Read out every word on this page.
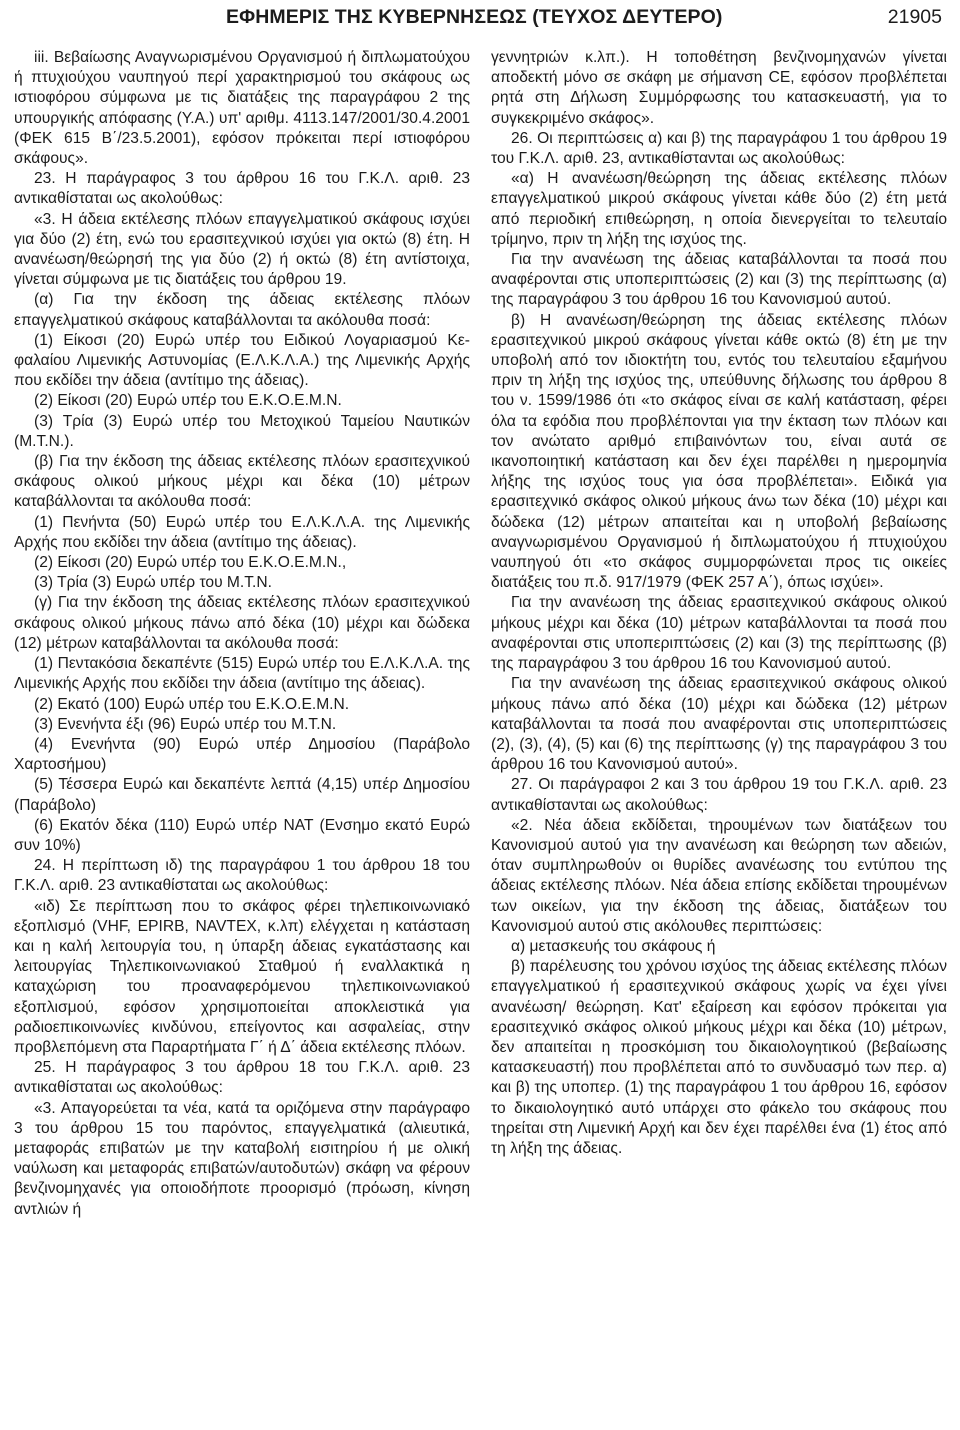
ΕΦΗΜΕΡΙΣ ΤΗΣ ΚΥΒΕΡΝΗΣΕΩΣ (ΤΕΥΧΟΣ ΔΕΥΤΕΡΟ)	21905

iii. Βεβαίωσης Αναγνωρισμένου Οργανισμού ή διπλωματούχου ή πτυχιούχου ναυπηγού περί χαρακτηρισμού του σκάφους ως ιστιοφόρου σύμφωνα με τις διατάξεις της παραγράφου 2 της υπουργικής απόφασης (Υ.Α.) υπ' αριθμ. 4113.147/2001/30.4.2001 (ΦΕΚ 615 Β΄/23.5.2001), εφόσον πρόκειται περί ιστιοφόρου σκάφους».

23. Η παράγραφος 3 του άρθρου 16 του Γ.Κ.Λ. αριθ. 23 αντικαθίσταται ως ακολούθως:

«3. Η άδεια εκτέλεσης πλόων επαγγελματικού σκάφους ισχύει για δύο (2) έτη, ενώ του ερασιτεχνικού ισχύει για οκτώ (8) έτη. Η ανανέωση/θεώρησή της για δύο (2) ή οκτώ (8) έτη αντίστοιχα, γίνεται σύμφωνα με τις διατάξεις του άρθρου 19.

(α) Για την έκδοση της άδειας εκτέλεσης πλόων επαγγελματικού σκάφους καταβάλλονται τα ακόλουθα ποσά:

(1) Είκοσι (20) Ευρώ υπέρ του Ειδικού Λογαριασμού Κεφαλαίου Λιμενικής Αστυνομίας (Ε.Λ.Κ.Λ.Α.) της Λιμενικής Αρχής που εκδίδει την άδεια (αντίτιμο της άδειας).

(2) Είκοσι (20) Ευρώ υπέρ του Ε.Κ.Ο.Ε.Μ.Ν.

(3) Τρία (3) Ευρώ υπέρ του Μετοχικού Ταμείου Ναυτικών (Μ.Τ.Ν.).

(β) Για την έκδοση της άδειας εκτέλεσης πλόων ερασιτεχνικού σκάφους ολικού μήκους μέχρι και δέκα (10) μέτρων καταβάλλονται τα ακόλουθα ποσά:

(1) Πενήντα (50) Ευρώ υπέρ του Ε.Λ.Κ.Λ.Α. της Λιμενικής Αρχής που εκδίδει την άδεια (αντίτιμο της άδειας).

(2) Είκοσι (20) Ευρώ υπέρ του Ε.Κ.Ο.Ε.Μ.Ν.,

(3) Τρία (3) Ευρώ υπέρ του Μ.Τ.Ν.

(γ) Για την έκδοση της άδειας εκτέλεσης πλόων ερασιτεχνικού σκάφους ολικού μήκους πάνω από δέκα (10) μέχρι και δώδεκα (12) μέτρων καταβάλλονται τα ακόλουθα ποσά:

(1) Πεντακόσια δεκαπέντε (515) Ευρώ υπέρ του Ε.Λ.Κ.Λ.Α. της Λιμενικής Αρχής που εκδίδει την άδεια (αντίτιμο της άδειας).

(2) Εκατό (100) Ευρώ υπέρ του Ε.Κ.Ο.Ε.Μ.Ν.

(3) Ενενήντα έξι (96) Ευρώ υπέρ του Μ.Τ.Ν.

(4) Ενενήντα (90) Ευρώ υπέρ Δημοσίου (Παράβολο Χαρτοσήμου)

(5) Τέσσερα Ευρώ και δεκαπέντε λεπτά (4,15) υπέρ Δημοσίου (Παράβολο)

(6) Εκατόν δέκα (110) Ευρώ υπέρ ΝΑΤ (Ενσημο εκατό Ευρώ συν 10%)

24. Η περίπτωση ιδ) της παραγράφου 1 του άρθρου 18 του Γ.Κ.Λ. αριθ. 23 αντικαθίσταται ως ακολούθως:

«ιδ) Σε περίπτωση που το σκάφος φέρει τηλεπικοινωνιακό εξοπλισμό (VHF, EPIRB, NAVTEX, κ.λπ) ελέγχεται η κατάσταση και η καλή λειτουργία του, η ύπαρξη άδειας εγκατάστασης και λειτουργίας Τηλεπικοινωνιακού Σταθμού ή εναλλακτικά η καταχώριση του προαναφερόμενου τηλεπικοινωνιακού εξοπλισμού, εφόσον χρησιμοποιείται αποκλειστικά για ραδιοεπικοινωνίες κινδύνου, επείγοντος και ασφαλείας, στην προβλεπόμενη στα Παραρτήματα Γ΄ ή Δ΄ άδεια εκτέλεσης πλόων.

25. Η παράγραφος 3 του άρθρου 18 του Γ.Κ.Λ. αριθ. 23 αντικαθίσταται ως ακολούθως:

«3. Απαγορεύεται τα νέα, κατά τα οριζόμενα στην παράγραφο 3 του άρθρου 15 του παρόντος, επαγγελματικά (αλιευτικά, μεταφοράς επιβατών με την καταβολή εισιτηρίου ή με ολική ναύλωση και μεταφοράς επιβατών/αυτοδυτών) σκάφη να φέρουν βενζινομηχανές για οποιοδήποτε προορισμό (πρόωση, κίνηση αντλιών ή

γεννητριών κ.λπ.). Η τοποθέτηση βενζινομηχανών γίνεται αποδεκτή μόνο σε σκάφη με σήμανση CE, εφόσον προβλέπεται ρητά στη Δήλωση Συμμόρφωσης του κατασκευαστή, για το συγκεκριμένο σκάφος».

26. Οι περιπτώσεις α) και β) της παραγράφου 1 του άρθρου 19 του Γ.Κ.Λ. αριθ. 23, αντικαθίστανται ως ακολούθως:

«α) Η ανανέωση/θεώρηση της άδειας εκτέλεσης πλόων επαγγελματικού μικρού σκάφους γίνεται κάθε δύο (2) έτη μετά από περιοδική επιθεώρηση, η οποία διενεργείται το τελευταίο τρίμηνο, πριν τη λήξη της ισχύος της.

Για την ανανέωση της άδειας καταβάλλονται τα ποσά που αναφέρονται στις υποπεριπτώσεις (2) και (3) της περίπτωσης (α) της παραγράφου 3 του άρθρου 16 του Κανονισμού αυτού.

β) Η ανανέωση/θεώρηση της άδειας εκτέλεσης πλόων ερασιτεχνικού μικρού σκάφους γίνεται κάθε οκτώ (8) έτη με την υποβολή από τον ιδιοκτήτη του, εντός του τελευταίου εξαμήνου πριν τη λήξη της ισχύος της, υπεύθυνης δήλωσης του άρθρου 8 του ν. 1599/1986 ότι «το σκάφος είναι σε καλή κατάσταση, φέρει όλα τα εφόδια που προβλέπονται για την έκταση των πλόων και τον ανώτατο αριθμό επιβαινόντων του, είναι αυτά σε ικανοποιητική κατάσταση και δεν έχει παρέλθει η ημερομηνία λήξης της ισχύος τους για όσα προβλέπεται». Ειδικά για ερασιτεχνικό σκάφος ολικού μήκους άνω των δέκα (10) μέχρι και δώδεκα (12) μέτρων απαιτείται και η υποβολή βεβαίωσης αναγνωρισμένου Οργανισμού ή διπλωματούχου ή πτυχιούχου ναυπηγού ότι «το σκάφος συμμορφώνεται προς τις οικείες διατάξεις του π.δ. 917/1979 (ΦΕΚ 257 Α΄), όπως ισχύει».

Για την ανανέωση της άδειας ερασιτεχνικού σκάφους ολικού μήκους μέχρι και δέκα (10) μέτρων καταβάλλονται τα ποσά που αναφέρονται στις υποπεριπτώσεις (2) και (3) της περίπτωσης (β) της παραγράφου 3 του άρθρου 16 του Κανονισμού αυτού.

Για την ανανέωση της άδειας ερασιτεχνικού σκάφους ολικού μήκους πάνω από δέκα (10) μέχρι και δώδεκα (12) μέτρων καταβάλλονται τα ποσά που αναφέρονται στις υποπεριπτώσεις (2), (3), (4), (5) και (6) της περίπτωσης (γ) της παραγράφου 3 του άρθρου 16 του Κανονισμού αυτού».

27. Οι παράγραφοι 2 και 3 του άρθρου 19 του Γ.Κ.Λ. αριθ. 23 αντικαθίστανται ως ακολούθως:

«2. Νέα άδεια εκδίδεται, τηρουμένων των διατάξεων του Κανονισμού αυτού για την ανανέωση και θεώρηση των αδειών, όταν συμπληρωθούν οι θυρίδες ανανέωσης του εντύπου της άδειας εκτέλεσης πλόων. Νέα άδεια επίσης εκδίδεται τηρουμένων των οικείων, για την έκδοση της άδειας, διατάξεων του Κανονισμού αυτού στις ακόλουθες περιπτώσεις:

α) μετασκευής του σκάφους ή

β) παρέλευσης του χρόνου ισχύος της άδειας εκτέλεσης πλόων επαγγελματικού ή ερασιτεχνικού σκάφους χωρίς να έχει γίνει ανανέωση/ θεώρηση. Κατ' εξαίρεση και εφόσον πρόκειται για ερασιτεχνικό σκάφος ολικού μήκους μέχρι και δέκα (10) μέτρων, δεν απαιτείται η προσκόμιση του δικαιολογητικού (βεβαίωσης κατασκευαστή) που προβλέπεται από το συνδυασμό των περ. α) και β) της υποπερ. (1) της παραγράφου 1 του άρθρου 16, εφόσον το δικαιολογητικό αυτό υπάρχει στο φάκελο του σκάφους που τηρείται στη Λιμενική Αρχή και δεν έχει παρέλθει ένα (1) έτος από τη λήξη της άδειας.
